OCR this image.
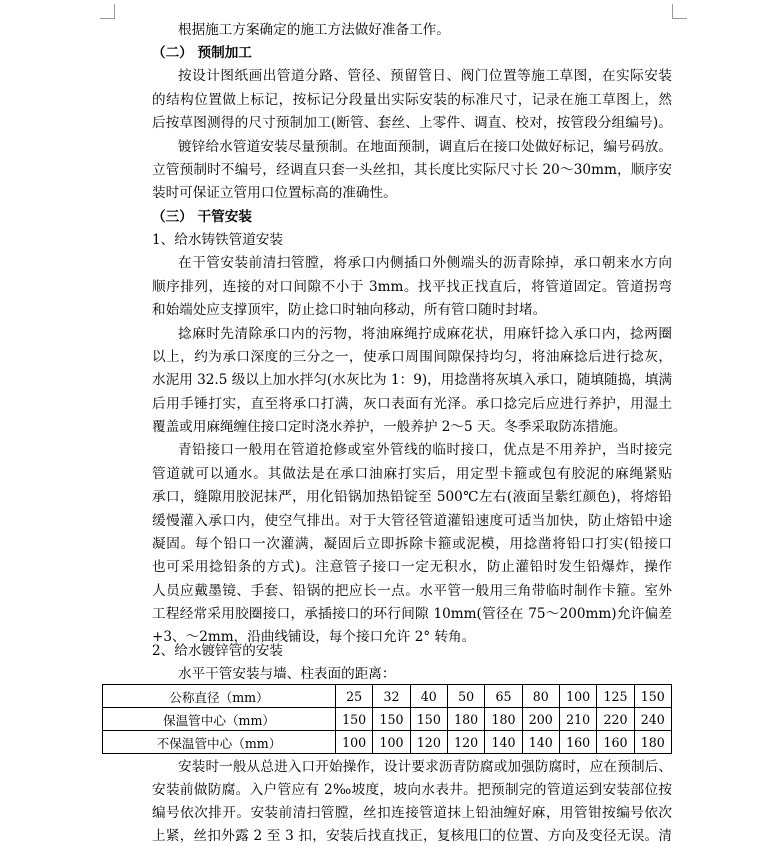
根据施工方案确定的施工方法做好准备工作。
（二） 预制加工
按设计图纸画出管道分路、管径、预留管日、阀门位置等施工草图，在实际安装
的结构位置做上标记，按标记分段量出实际安装的标准尺寸，记录在施工草图上，然
后按草图测得的尺寸预制加工(断管、套丝、上零件、调直、校对，按管段分组编号)。
镀锌给水管道安装尽量预制。在地面预制，调直后在接口处做好标记，编号码放。
立管预制时不编号，经调直只套一头丝扣，其长度比实际尺寸长 20～30mm，顺序安
装时可保证立管用口位置标高的准确性。
（三） 干管安装
1、给水铸铁管道安装
在干管安装前清扫管膛，将承口内侧插口外侧端头的沥青除掉，承口朝来水方向
顺序排列，连接的对口间隙不小于 3mm。找平找正找直后，将管道固定。管道拐弯
和始端处应支撑顶牢，防止捻口时轴向移动，所有管口随时封堵。
捻麻时先清除承口内的污物，将油麻绳拧成麻花状，用麻钎捻入承口内，捻两圈
以上，约为承口深度的三分之一，使承口周围间隙保持均匀，将油麻捻后进行捻灰，
水泥用 32.5 级以上加水拌匀(水灰比为 1：9)，用捻凿将灰填入承口，随填随捣，填满
后用手锤打实，直至将承口打满，灰口表面有光泽。承口捻完后应进行养护，用湿土
覆盖或用麻绳缠住接口定时浇水养护，一般养护 2～5 天。冬季采取防冻措施。
青铅接口一般用在管道抢修或室外管线的临时接口，优点是不用养护，当时接完
管道就可以通水。其做法是在承口油麻打实后，用定型卡箍或包有胶泥的麻绳紧贴
承口，缝隙用胶泥抹严，用化铅锅加热铅锭至 500℃左右(液面呈紫红颜色)，将熔铅
缓慢灌入承口内，使空气排出。对于大管径管道灌铅速度可适当加快，防止熔铅中途
凝固。每个铅口一次灌满，凝固后立即拆除卡箍或泥模，用捻凿将铅口打实(铅接口
也可采用捻铅条的方式)。注意管子接口一定无积水，防止灌铅时发生铅爆炸，操作
人员应戴墨镜、手套、铅锅的把应长一点。水平管一般用三角带临时制作卡箍。室外
工程经常采用胶圈接口，承插接口的环行间隙 10mm(管径在 75～200mm)允许偏差
+3、～2mm，沿曲线铺设，每个接口允许 2° 转角。
2、给水镀锌管的安装
水平干管安装与墙、柱表面的距离：
公称直径（mm）	25	32	40	50	65	80	100	125	150
保温管中心（mm）	150	150	150	180	180	200	210	220	240
不保温管中心（mm）	100	100	120	120	140	140	160	160	180
安装时一般从总进入口开始操作，设计要求沥青防腐或加强防腐时，应在预制后、
安装前做防腐。入户管应有 2‰坡度，坡向水表井。把预制完的管道运到安装部位按
编号依次排开。安装前清扫管膛，丝扣连接管道抹上铅油缠好麻，用管钳按编号依次
上紧，丝扣外露 2 至 3 扣，安装后找直找正，复核甩囗的位置、方向及变径无误。清
